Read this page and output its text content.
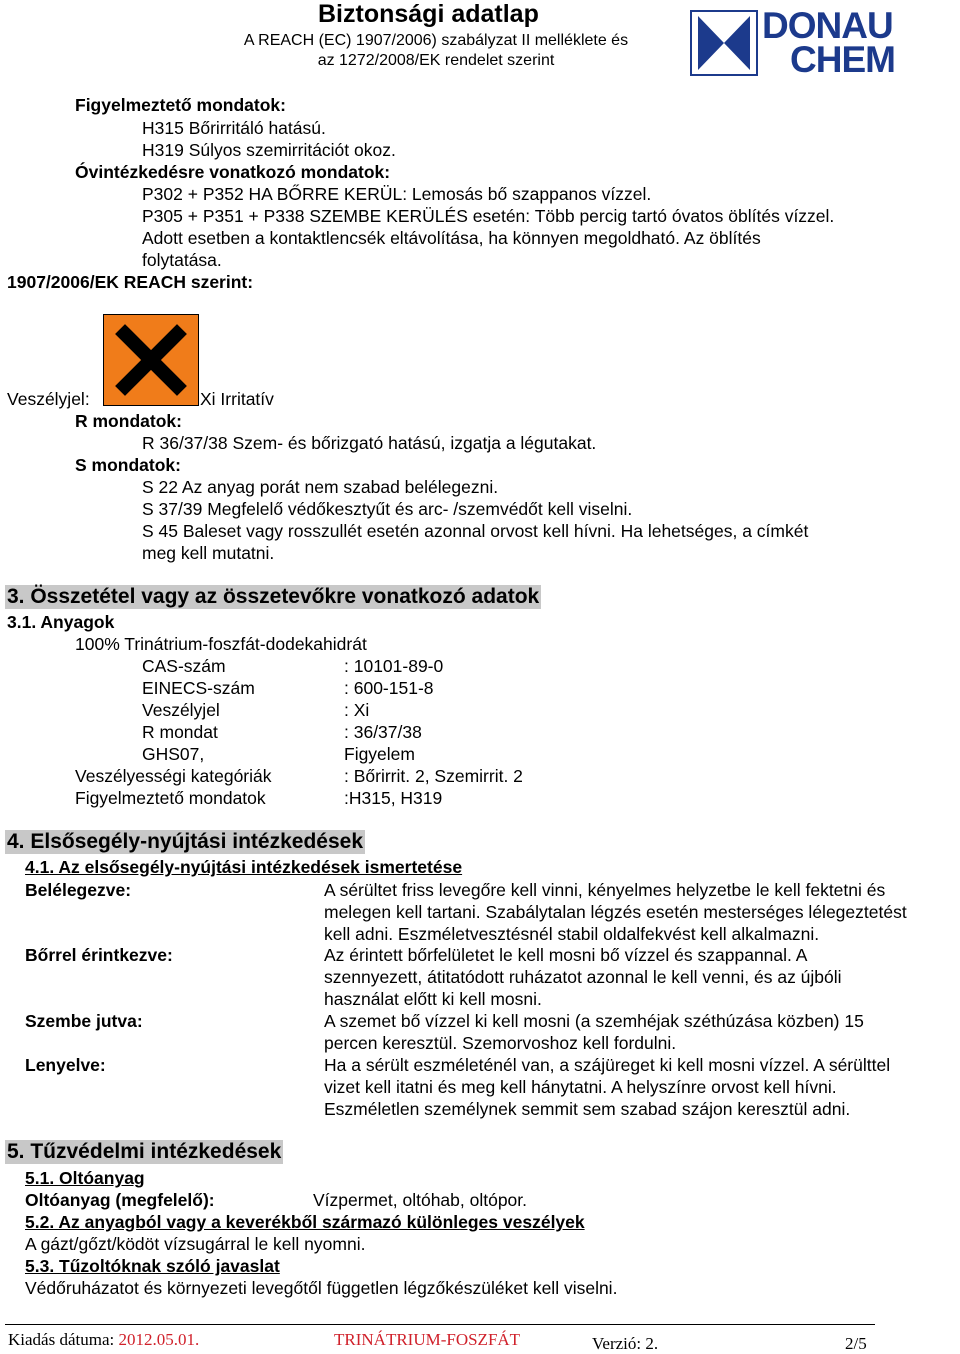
Biztonsági adatlap
A REACH (EC) 1907/2006) szabályzat II melléklete és
az 1272/2008/EK rendelet szerint
DONAU
CHEM
Figyelmeztető mondatok:
H315 Bőrirritáló hatású.
H319 Súlyos szemirritációt okoz.
Óvintézkedésre vonatkozó mondatok:
P302 + P352 HA BŐRRE KERÜL: Lemosás bő szappanos vízzel.
P305 + P351 + P338 SZEMBE KERÜLÉS esetén: Több percig tartó óvatos öblítés vízzel.
Adott esetben a kontaktlencsék eltávolítása, ha könnyen megoldható. Az öblítés
folytatása.
1907/2006/EK REACH szerint:
Veszélyjel:	Xi Irritatív
R mondatok:
R 36/37/38 Szem- és bőrizgató hatású, izgatja a légutakat.
S mondatok:
S 22 Az anyag porát nem szabad belélegezni.
S 37/39 Megfelelő védőkesztyűt és arc- /szemvédőt kell viselni.
S 45 Baleset vagy rosszullét esetén azonnal orvost kell hívni. Ha lehetséges, a címkét
meg kell mutatni.
3. Összetétel vagy az összetevőkre vonatkozó adatok
3.1. Anyagok
100% Trinátrium-foszfát-dodekahidrát
CAS-szám	: 10101-89-0
EINECS-szám	: 600-151-8
Veszélyjel	: Xi
R mondat	: 36/37/38
GHS07,	Figyelem
Veszélyességi kategóriák	: Bőrirrit. 2, Szemirrit. 2
Figyelmeztető mondatok	:H315, H319
4. Elsősegély-nyújtási intézkedések
4.1. Az elsősegély-nyújtási intézkedések ismertetése
Belélegezve:	A sérültet friss levegőre kell vinni, kényelmes helyzetbe le kell fektetni és
melegen kell tartani. Szabálytalan légzés esetén mesterséges lélegeztetést
kell adni. Eszméletvesztésnél stabil oldalfekvést kell alkalmazni.
Bőrrel érintkezve:	Az érintett bőrfelületet le kell mosni bő vízzel és szappannal. A
szennyezett, átitatódott ruházatot azonnal le kell venni, és az újbóli
használat előtt ki kell mosni.
Szembe jutva:	A szemet bő vízzel ki kell mosni (a szemhéjak széthúzása közben) 15
percen keresztül. Szemorvoshoz kell fordulni.
Lenyelve:	Ha a sérült eszméleténél van, a szájüreget ki kell mosni vízzel. A sérülttel
vizet kell itatni és meg kell hánytatni. A helyszínre orvost kell hívni.
Eszméletlen személynek semmit sem szabad szájon keresztül adni.
5. Tűzvédelmi intézkedések
5.1. Oltóanyag
Oltóanyag (megfelelő):	Vízpermet, oltóhab, oltópor.
5.2. Az anyagból vagy a keverékből származó különleges veszélyek
A gázt/gőzt/ködöt vízsugárral le kell nyomni.
5.3. Tűzoltóknak szóló javaslat
Védőruházatot és környezeti levegőtől független légzőkészüléket kell viselni.
Kiadás dátuma: 2012.05.01.	TRINÁTRIUM-FOSZFÁT	Verzió: 2.	2/5
